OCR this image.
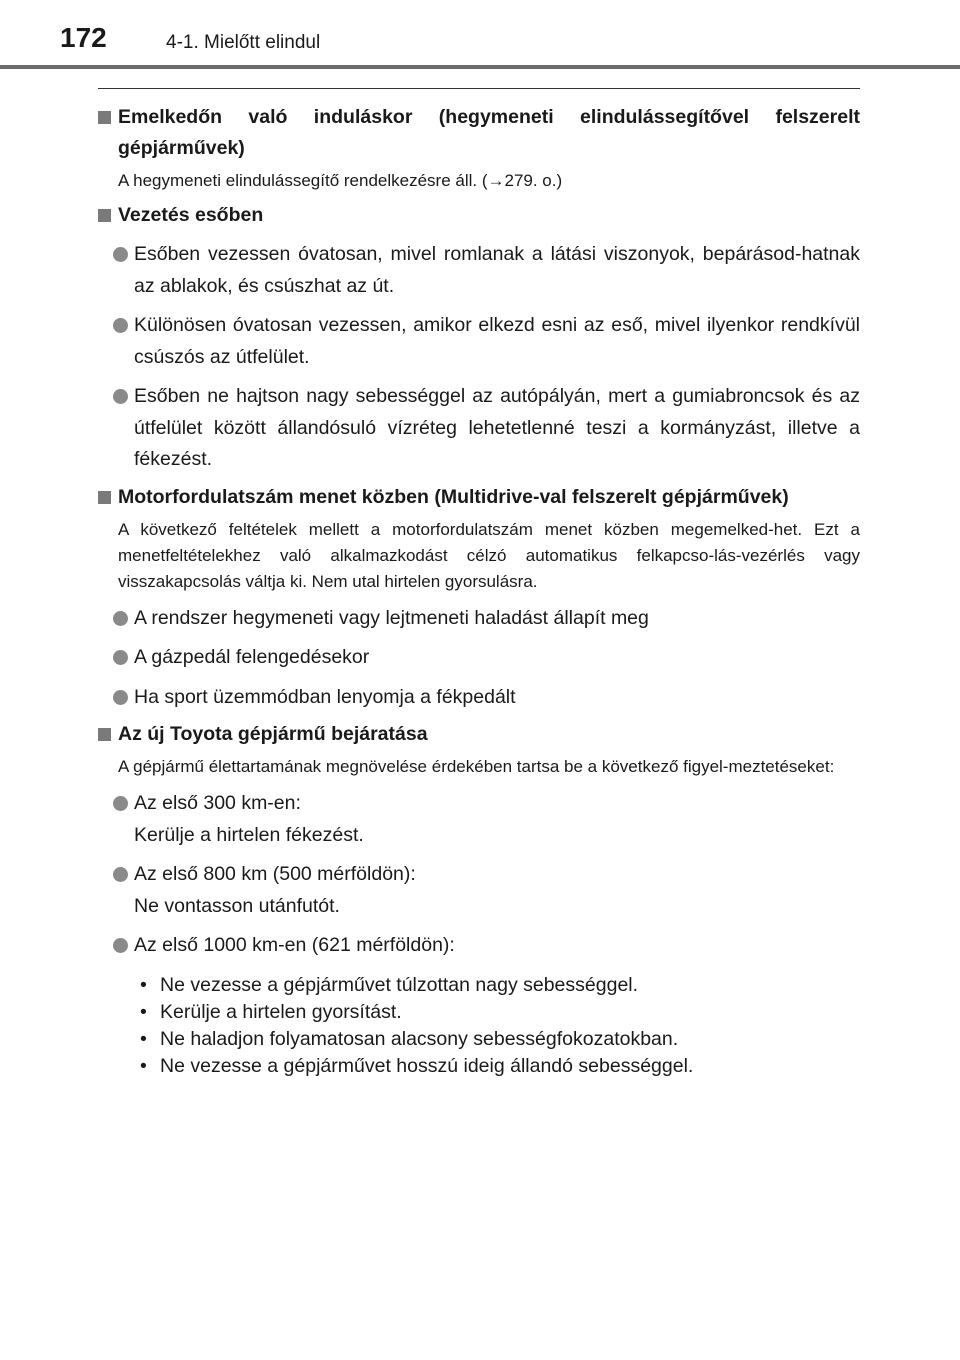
172	4-1. Mielőtt elindul
Emelkedőn való induláskor (hegymeneti elindulássegítővel felszerelt gépjárművek)
A hegymeneti elindulássegítő rendelkezésre áll. (→279. o.)
Vezetés esőben
Esőben vezessen óvatosan, mivel romlanak a látási viszonyok, bepárásod-hatnak az ablakok, és csúszhat az út.
Különösen óvatosan vezessen, amikor elkezd esni az eső, mivel ilyenkor rendkívül csúszós az útfelület.
Esőben ne hajtson nagy sebességgel az autópályán, mert a gumiabroncsok és az útfelület között állandósuló vízréteg lehetetlenné teszi a kormányzást, illetve a fékezést.
Motorfordulatszám menet közben (Multidrive-val felszerelt gépjárművek)
A következő feltételek mellett a motorfordulatszám menet közben megemelked-het. Ezt a menetfeltételekhez való alkalmazkodást célzó automatikus felkapcso-lás-vezérlés vagy visszakapcsolás váltja ki. Nem utal hirtelen gyorsulásra.
A rendszer hegymeneti vagy lejtmeneti haladást állapít meg
A gázpedál felengedésekor
Ha sport üzemmódban lenyomja a fékpedált
Az új Toyota gépjármű bejáratása
A gépjármű élettartamának megnövelése érdekében tartsa be a következő figyel-meztetéseket:
Az első 300 km-en:
Kerülje a hirtelen fékezést.
Az első 800 km (500 mérföldön):
Ne vontasson utánfutót.
Az első 1000 km-en (621 mérföldön):
• Ne vezesse a gépjárművet túlzottan nagy sebességgel.
• Kerülje a hirtelen gyorsítást.
• Ne haladjon folyamatosan alacsony sebességfokozatokban.
• Ne vezesse a gépjárművet hosszú ideig állandó sebességgel.
